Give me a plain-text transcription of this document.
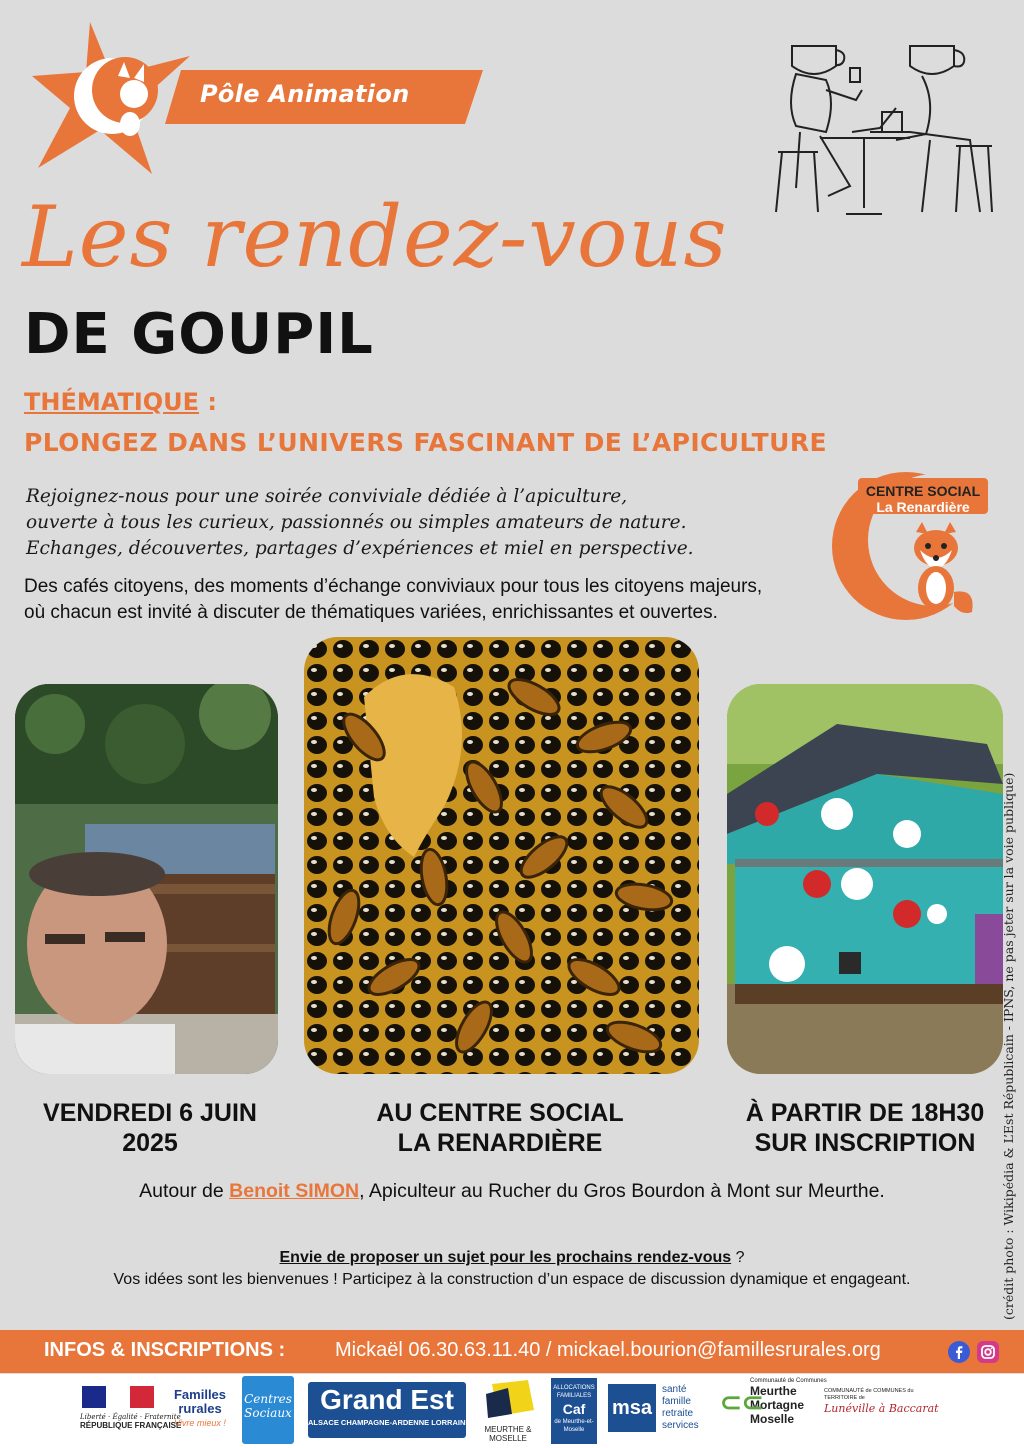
Pôle Animation
Les rendez-vous
DE GOUPIL
THÉMATIQUE :
PLONGEZ DANS L’UNIVERS FASCINANT DE L’APICULTURE

Rejoignez-nous pour une soirée conviviale dédiée à l’apiculture,

ouverte à tous les curieux, passionnés ou simples amateurs de nature.

Echanges, découvertes, partages d’expériences et miel en perspective.

Des cafés citoyens, des moments d’échange conviviaux pour tous les citoyens majeurs,

où chacun est invité à discuter de thématiques variées, enrichissantes et ouvertes.

CENTRE SOCIAL
La Renardière
VENDREDI 6 JUIN
2025
AU CENTRE SOCIAL
LA RENARDIÈRE
À PARTIR DE 18H30
SUR INSCRIPTION
Autour de Benoit SIMON, Apiculteur au Rucher du Gros Bourdon à Mont sur Meurthe.
Envie de proposer un sujet pour les prochains rendez-vous ?
Vos idées sont les bienvenues ! Participez à la construction d’un espace de discussion dynamique et engageant.	(crédit photo : Wikipédia & L’Est Républicain - IPNS, ne pas jeter sur la voie publique)
INFOS & INSCRIPTIONS : Mickaël 06.30.63.11.40 / mickael.bourion@famillesrurales.org
Liberté · Égalité · Fraternité
RÉPUBLIQUE FRANÇAISE
Familles
rurales
Vivre mieux !
Centres Sociaux	Grand Est
ALSACE CHAMPAGNE-ARDENNE LORRAINE
MEURTHE & MOSELLE
ALLOCATIONS FAMILIALES
Caf
de Meurthe-et-Moselle
msa
santé
famille
retraite
services
Communauté de Communes
⊂⊂
Meurthe
Mortagne
Moselle
COMMUNAUTÉ de COMMUNES du TERRITOIRE de
Lunéville à Baccarat
